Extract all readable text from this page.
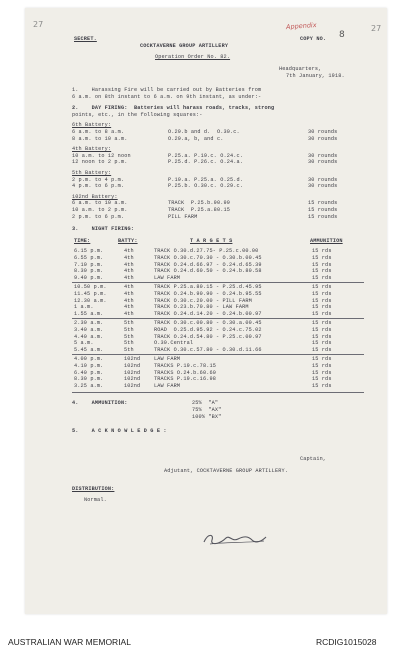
27	27
Appendix
SECRET.
COCKTAVERNE GROUP ARTILLERY
COPY NO. 8
Operation Order No. 82.
Headquarters,
7th January, 1918.
1.    Harassing Fire will be carried out by Batteries from
6 a.m. on 8th instant to 6 a.m. on 9th instant, as under:-
2.    DAY FIRING:  Batteries will harass roads, tracks, strong
points, etc., in the following squares:-
6th Battery:
6 a.m. to 8 a.m.	O.29.b and d.  O.30.c.	30 rounds
8 a.m. to 10 a.m.	O.29.a, b, and c.	30 rounds
4th Battery:
10 a.m. to 12 noon	P.25.a. P.19.c. O.24.c.	30 rounds
12 noon to 2 p.m.	P.25.d. P.26.c. O.24.a.	30 rounds
5th Battery:
2 p.m. to 4 p.m.	P.19.a. P.25.a. O.25.d.	30 rounds
4 p.m. to 6 p.m.	P.25.b. O.30.c. O.29.c.	30 rounds
102nd Battery:
6 a.m. to 10 a.m.	TRACK  P.25.b.90.99	15 rounds
10 a.m. to 2 p.m.	TRACK  P.25.a.80.15	15 rounds
2 p.m. to 6 p.m.	PILL FARM	15 rounds
3.    NIGHT FIRING:
TIME:	BATTY:	T A R G E T S	AMMUNITION
6.15 p.m.	4th	TRACK O.30.d.27.75- P.25.c.00.00	15 rds
6.55 p.m.	4th	TRACK O.30.c.70.30 - O.30.b.00.45	15 rds
7.10 p.m.	4th	TRACK O.24.d.66.97 - O.24.d.65.39	15 rds
8.30 p.m.	4th	TRACK O.24.d.60.50 - O.24.b.80.58	15 rds
9.40 p.m.	4th	LAW FARM	15 rds
10.50 p.m.	4th	TRACK P.25.a.80.15 - P.25.d.45.95	15 rds
11.45 p.m.	4th	TRACK O.24.b.90.90 - O.24.b.95.55	15 rds
12.30 a.m.	4th	TRACK O.30.c.20.00 - PILL FARM	15 rds
1 a.m.	4th	TRACK O.23.b.70.80 - LAW FARM	15 rds
1.55 a.m.	4th	TRACK O.24.d.14.20 - O.24.b.00.97	15 rds
2.30 a.m.	5th	TRACK O.30.c.00.80 - O.30.a.00.45	15 rds
3.40 a.m.	5th	ROAD  O.25.d.95.92 - O.24.c.75.02	15 rds
4.40 a.m.	5th	TRACK O.24.d.54.80 - P.25.c.00.97	15 rds
5 a.m.	5th	O.30.Central	15 rds
5.45 a.m.	5th	TRACK O.30.c.57.80 - O.30.d.11.66	15 rds
4.00 p.m.	102nd	LAW FARM	15 rds
4.10 p.m.	102nd	TRACKS P.19.c.78.15	15 rds
6.40 p.m.	102nd	TRACKS O.24.b.60.60	15 rds
8.30 p.m.	102nd	TRACKS P.19.c.16.98	15 rds
3.25 a.m.	102nd	LAW FARM	15 rds
4.    AMMUNITION:	25%  "A"
75%  "AX"
100% "BX"
5.    A C K N O W L E D G E :
Captain,
Adjutant, COCKTAVERNE GROUP ARTILLERY.
DISTRIBUTION:
Normal.
AUSTRALIAN WAR MEMORIAL	RCDIG1015028
